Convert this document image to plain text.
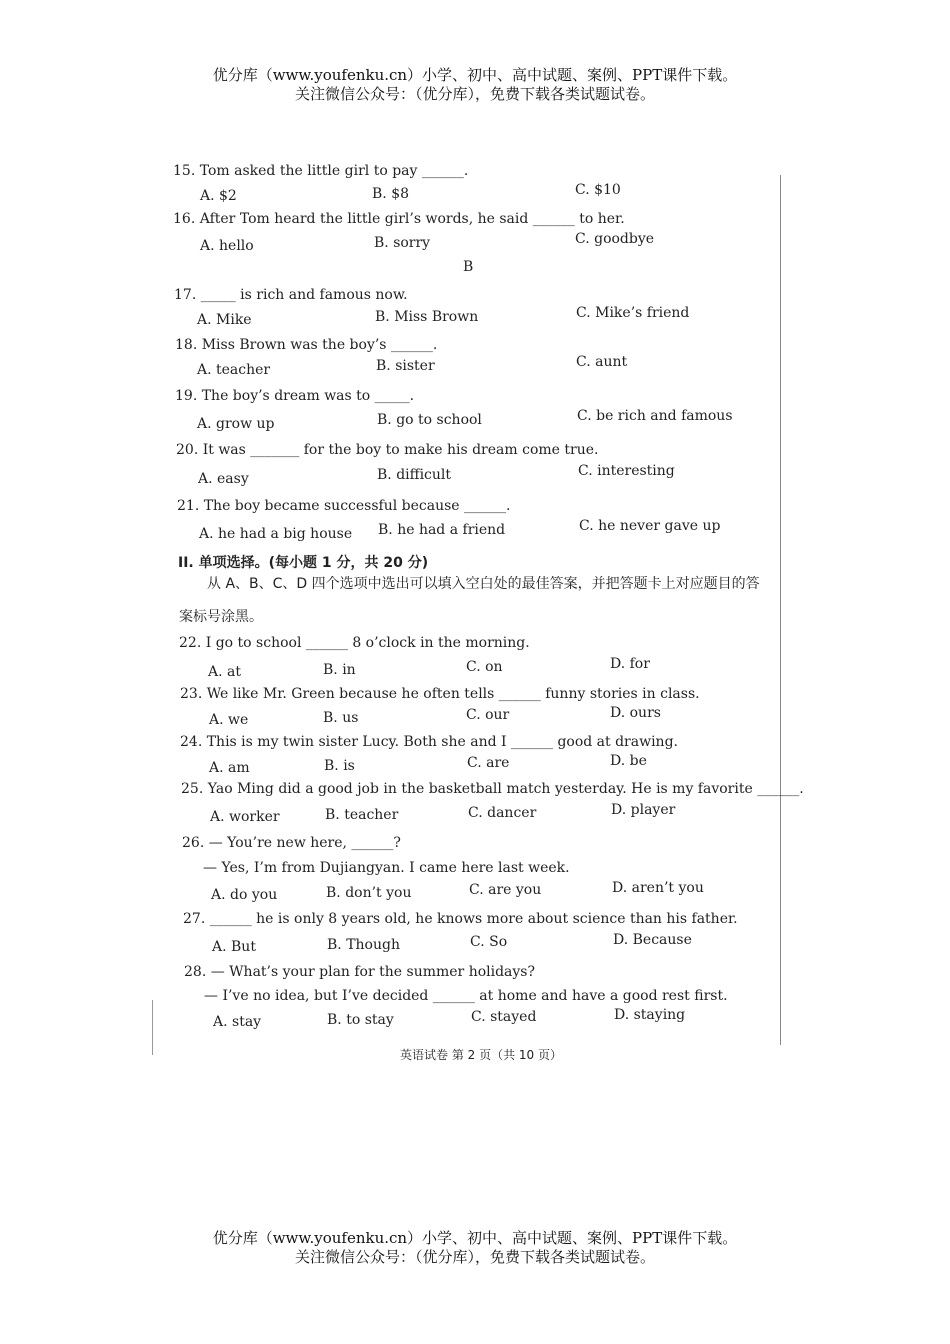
优分库（www.youfenku.cn）小学、初中、高中试题、案例、PPT课件下载。
关注微信公众号：（优分库），免费下载各类试题试卷。
15. Tom asked the little girl to pay ______.
A. $2	B. $8	C. $10
16. After Tom heard the little girl’s words, he said ______ to her.
A. hello	B. sorry	C. goodbye
B
17. _____ is rich and famous now.
A. Mike	B. Miss Brown	C. Mike’s friend
18. Miss Brown was the boy’s ______.
A. teacher	B. sister	C. aunt
19. The boy’s dream was to _____.
A. grow up	B. go to school	C. be rich and famous
20. It was _______ for the boy to make his dream come true.
A. easy	B. difficult	C. interesting
21. The boy became successful because ______.
A. he had a big house B. he had a friend	C. he never gave up
II. 单项选择。(每小题 1 分，共 20 分)
从 A、B、C、D 四个选项中选出可以填入空白处的最佳答案，并把答题卡上对应题目的答
案标号涂黑。
22. I go to school ______ 8 o’clock in the morning.
A. at	B. in	C. on	D. for
23. We like Mr. Green because he often tells ______ funny stories in class.
A. we	B. us	C. our	D. ours
24. This is my twin sister Lucy. Both she and I ______ good at drawing.
A. am	B. is	C. are	D. be
25. Yao Ming did a good job in the basketball match yesterday. He is my favorite ______.
A. worker	B. teacher	C. dancer	D. player
26. — You’re new here, ______?
— Yes, I’m from Dujiangyan. I came here last week.
A. do you	B. don’t you	C. are you	D. aren’t you
27. ______ he is only 8 years old, he knows more about science than his father.
A. But	B. Though	C. So	D. Because
28. — What’s your plan for the summer holidays?
— I’ve no idea, but I’ve decided ______ at home and have a good rest first.
A. stay	B. to stay	C. stayed	D. staying
英语试卷 第 2 页（共 10 页）
优分库（www.youfenku.cn）小学、初中、高中试题、案例、PPT课件下载。
关注微信公众号：（优分库），免费下载各类试题试卷。
